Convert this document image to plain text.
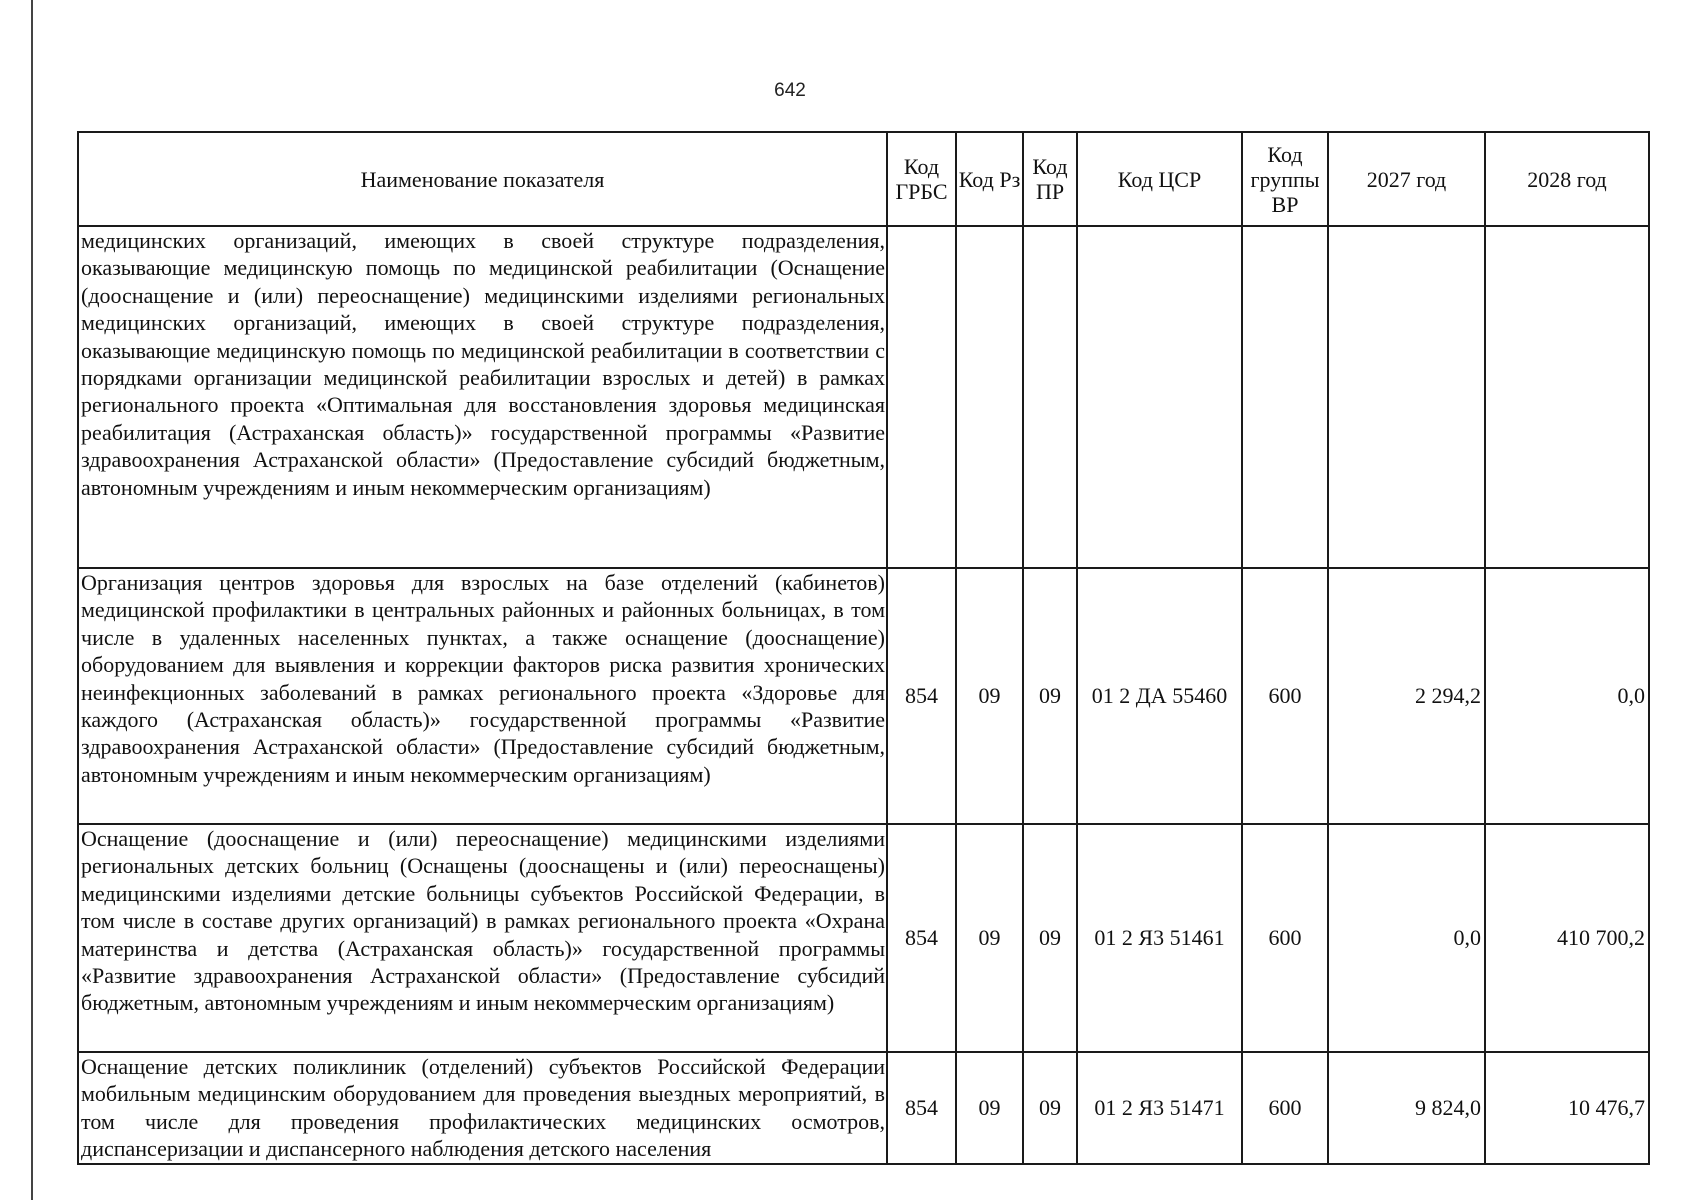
642
Наименование показателя	Код ГРБС	Код Рз	Код ПР	Код ЦСР	Код группы ВР	2027 год	2028 год
медицинских организаций, имеющих в своей структуре подразделения, оказывающие медицинскую помощь по медицинской реабилитации (Оснащение (дооснащение и (или) переоснащение) медицинскими изделиями региональных медицинских организаций, имеющих в своей структуре подразделения, оказывающие медицинскую помощь по медицинской реабилитации в соответствии с порядками организации медицинской реабилитации взрослых и детей) в рамках регионального проекта «Оптимальная для восстановления здоровья медицинская реабилитация (Астраханская область)» государственной программы «Развитие здравоохранения Астраханской области» (Предоставление субсидий бюджетным, автономным учреждениям и иным некоммерческим организациям)							
Организация центров здоровья для взрослых на базе отделений (кабинетов) медицинской профилактики в центральных районных и районных больницах, в том числе в удаленных населенных пунктах, а также оснащение (дооснащение) оборудованием для выявления и коррекции факторов риска развития хронических неинфекционных заболеваний в рамках регионального проекта «Здоровье для каждого (Астраханская область)» государственной программы «Развитие здравоохранения Астраханской области» (Предоставление субсидий бюджетным, автономным учреждениям и иным некоммерческим организациям)	854	09	09	01 2 ДА 55460	600	2 294,2	0,0
Оснащение (дооснащение и (или) переоснащение) медицинскими изделиями региональных детских больниц (Оснащены (дооснащены и (или) переоснащены) медицинскими изделиями детские больницы субъектов Российской Федерации, в том числе в составе других организаций) в рамках регионального проекта «Охрана материнства и детства (Астраханская область)» государственной программы «Развитие здравоохранения Астраханской области» (Предоставление субсидий бюджетным, автономным учреждениям и иным некоммерческим организациям)	854	09	09	01 2 Я3 51461	600	0,0	410 700,2

Оснащение детских поликлиник (отделений) субъектов Российской Федерации мобильным медицинским оборудованием для проведения выездных мероприятий, в том числе для проведения профилактических медицинских осмотров, диспансеризации и диспансерного наблюдения детского населения	854	09	09	01 2 Я3 51471	600	9 824,0	10 476,7
